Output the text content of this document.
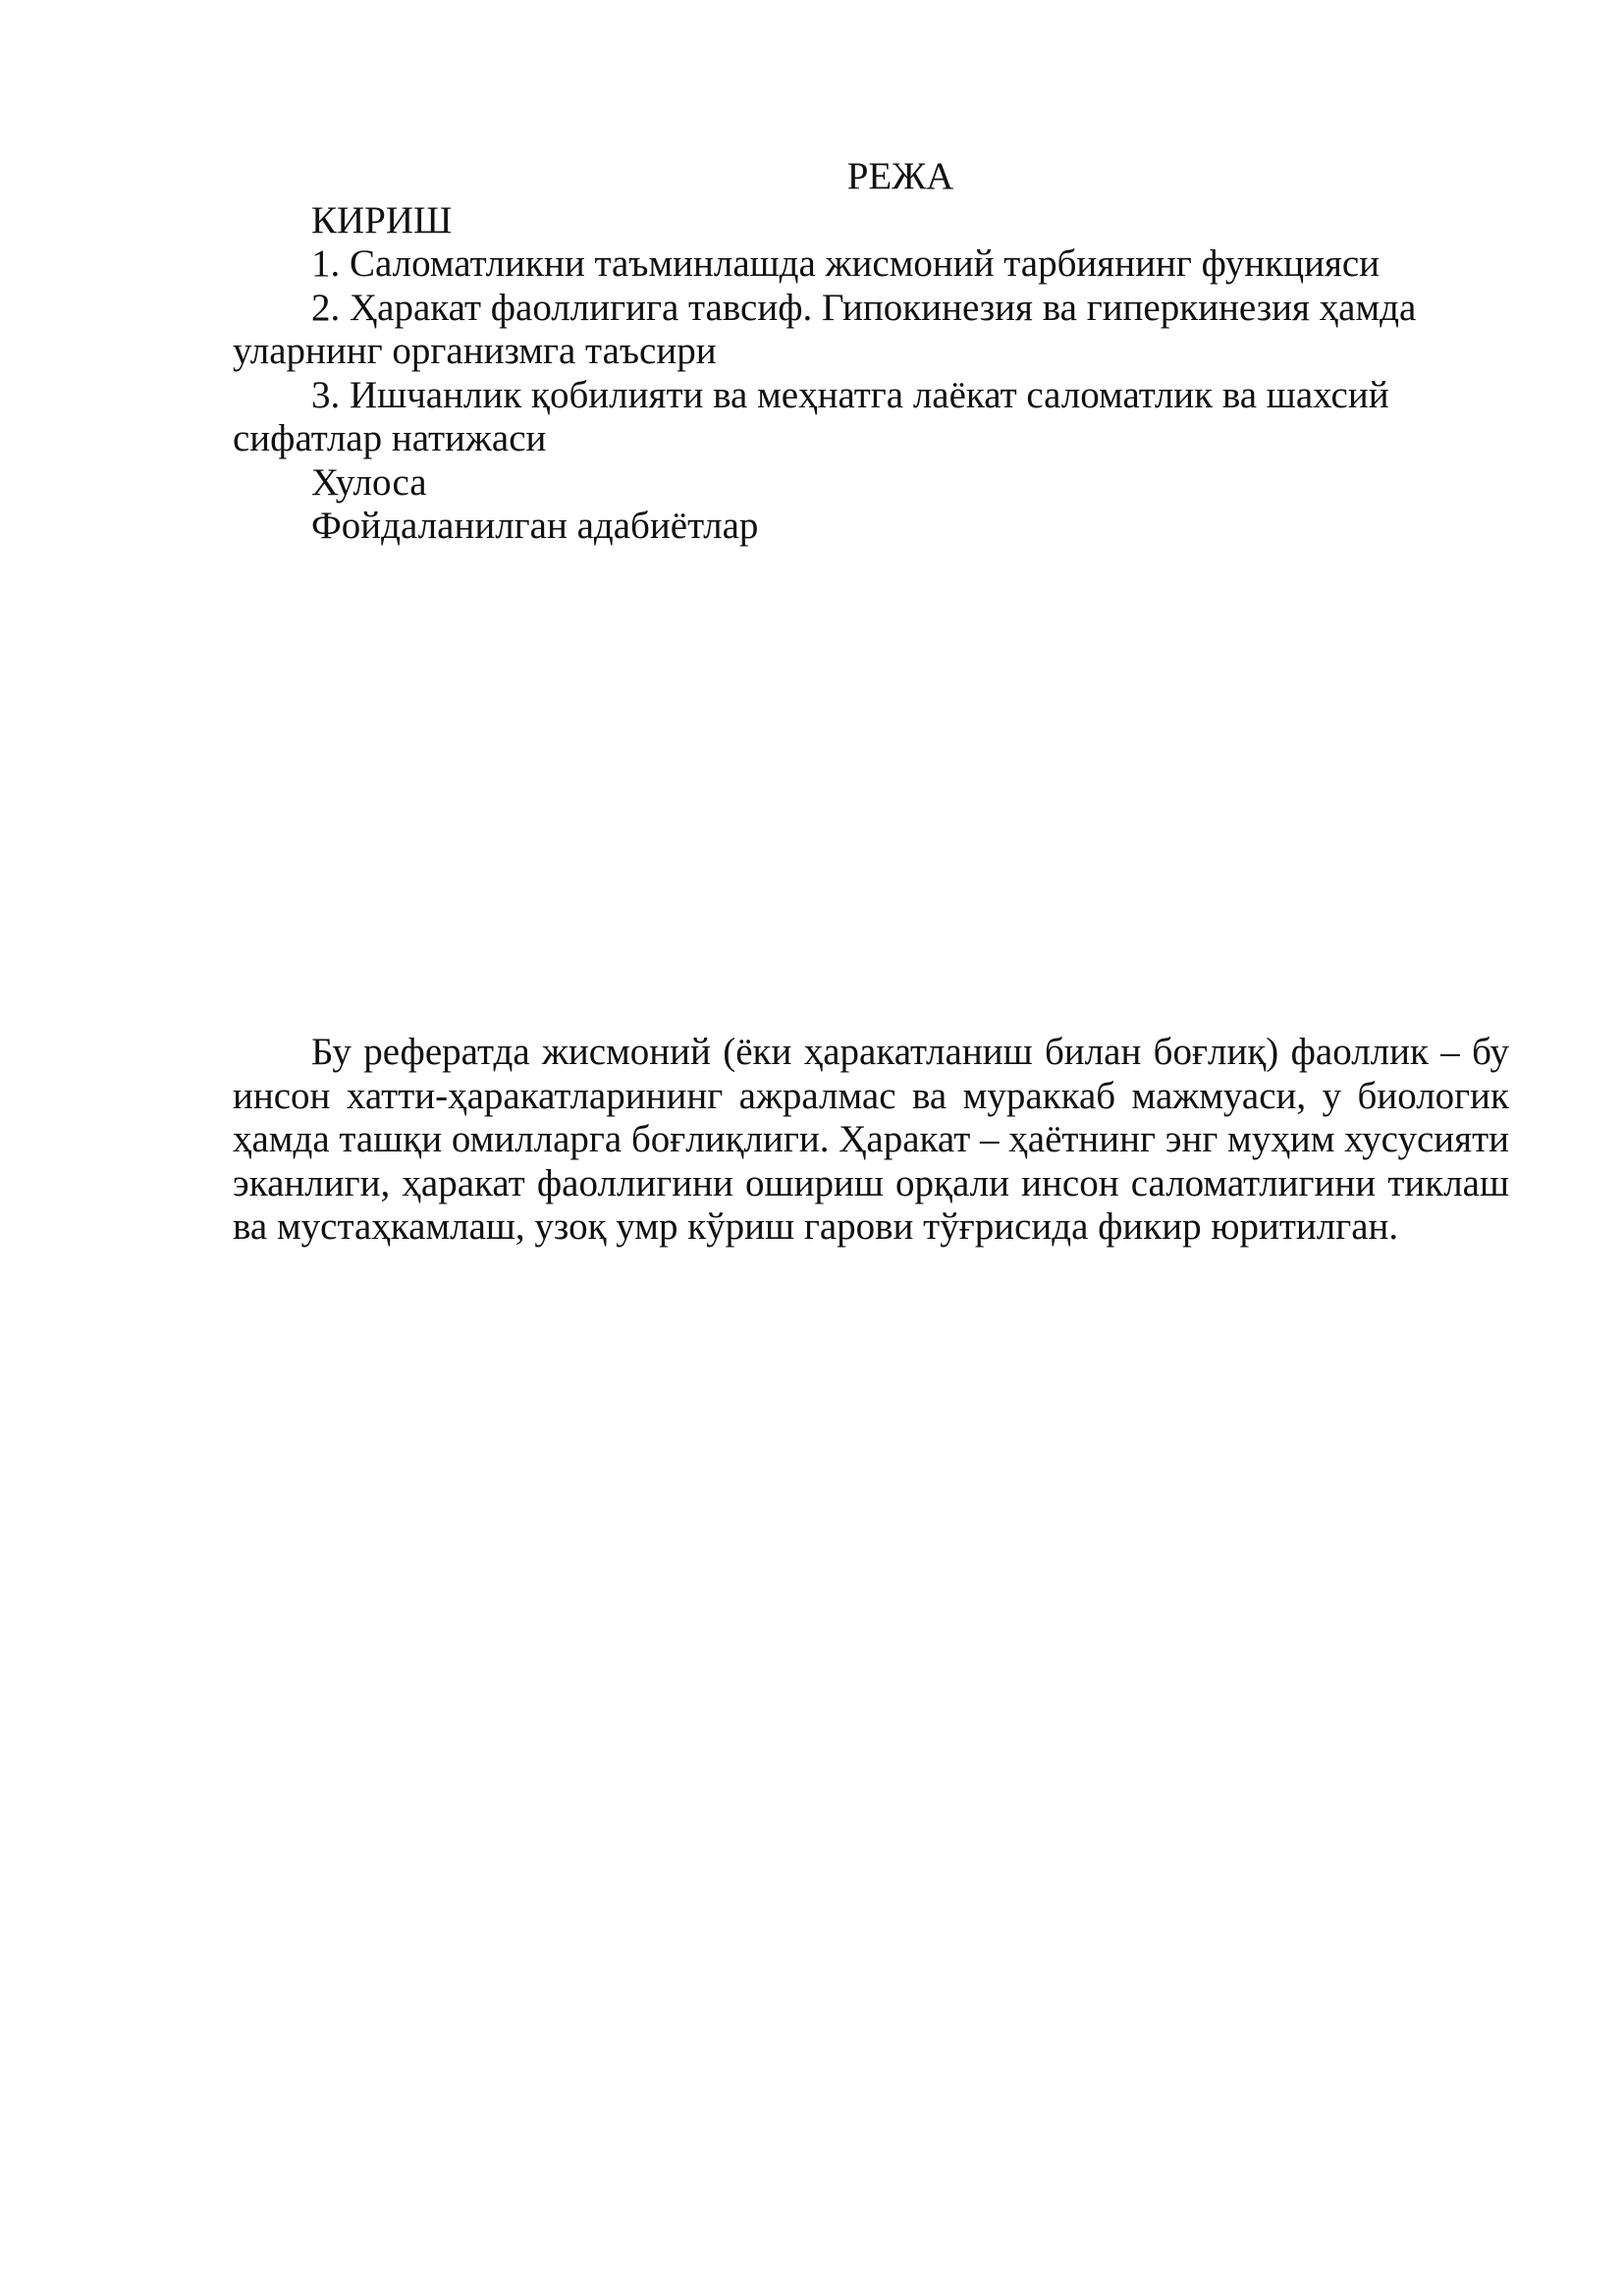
РЕЖА
КИРИШ
1. Саломатликни таъминлашда жисмоний тарбиянинг функцияси
2. Ҳаракат фаоллигига тавсиф. Гипокинезия ва гиперкинезия ҳамда уларнинг организмга таъсири
3. Ишчанлик қобилияти ва меҳнатга лаёкат саломатлик ва шахсий сифатлар натижаси
Хулоса
Фойдаланилган адабиётлар

Бу рефератда жисмоний (ёки ҳаракатланиш билан боғлиқ) фаоллик – бу инсон хатти-ҳаракатларининг ажралмас ва мураккаб мажмуаси, у биологик ҳамда ташқи омилларга боғлиқлиги. Ҳаракат – ҳаётнинг энг муҳим хусусияти эканлиги, ҳаракат фаоллигини ошириш орқали инсон саломатлигини тиклаш ва мустаҳкамлаш, узоқ умр кўриш гарови тўғрисида фикир юритилган.
